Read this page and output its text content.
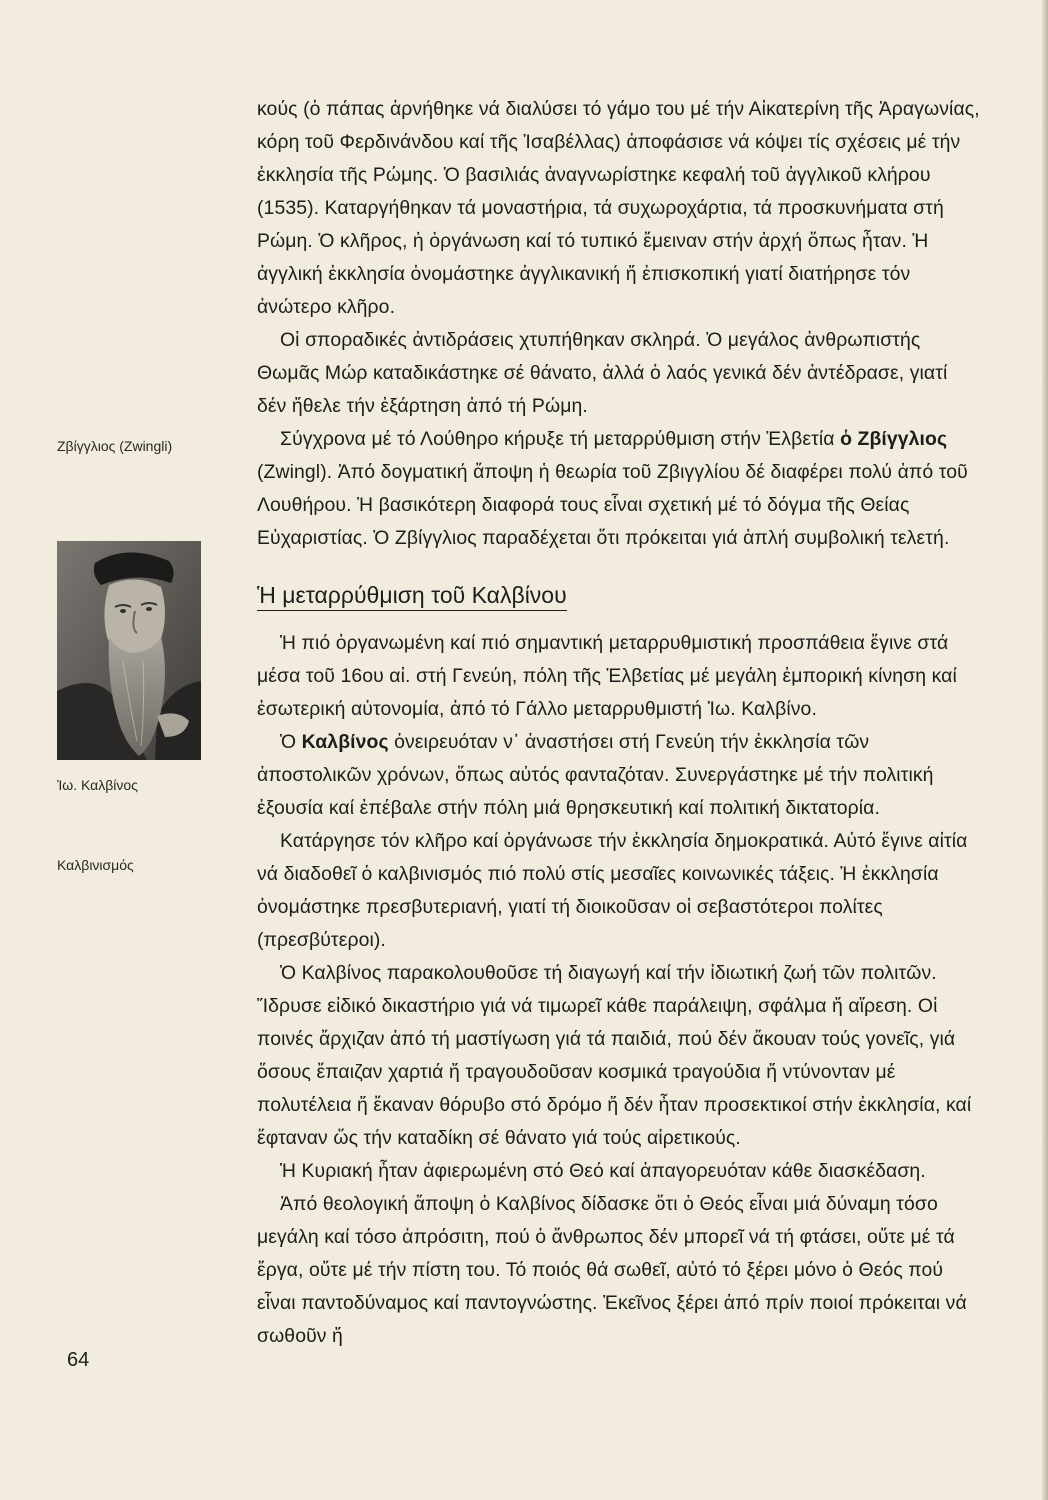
Ζβίγγλιος (Zwingli)
Ἰω. Καλβίνος
Καλβινισμός
64

κούς (ὁ πάπας ἀρνήθηκε νά διαλύσει τό γάμο του μέ τήν Αἰκατερίνη τῆς Ἀραγωνίας, κόρη τοῦ Φερδινάνδου καί τῆς Ἰσαβέλλας) ἀποφάσισε νά κόψει τίς σχέσεις μέ τήν ἐκκλησία τῆς Ρώμης. Ὁ βασιλιάς ἀναγνωρίστηκε κεφαλή τοῦ ἀγγλικοῦ κλήρου (1535). Καταργήθηκαν τά μοναστήρια, τά συχωροχάρτια, τά προσκυνήματα στή Ρώμη. Ὁ κλῆρος, ἡ ὀργάνωση καί τό τυπικό ἔμειναν στήν ἀρχή ὅπως ἦταν. Ἡ ἀγγλική ἐκκλησία ὀνομάστηκε ἀγγλικανική ἤ ἐπισκοπική γιατί διατήρησε τόν ἀνώτερο κλῆρο.

Οἱ σποραδικές ἀντιδράσεις χτυπήθηκαν σκληρά. Ὁ μεγάλος ἀνθρωπιστής Θωμᾶς Μώρ καταδικάστηκε σέ θάνατο, ἀλλά ὁ λαός γενικά δέν ἀντέδρασε, γιατί δέν ἤθελε τήν ἐξάρτηση ἀπό τή Ρώμη.

Σύγχρονα μέ τό Λούθηρο κήρυξε τή μεταρρύθμιση στήν Ἑλβετία ὁ Ζβίγγλιος (Zwingl). Ἀπό δογματική ἄποψη ἡ θεωρία τοῦ Ζβιγγλίου δέ διαφέρει πολύ ἀπό τοῦ Λουθήρου. Ἡ βασικότερη διαφορά τους εἶναι σχετική μέ τό δόγμα τῆς Θείας Εὐχαριστίας. Ὁ Ζβίγγλιος παραδέχεται ὅτι πρόκειται γιά ἁπλή συμβολική τελετή.

Ἡ μεταρρύθμιση τοῦ Καλβίνου

Ἡ πιό ὀργανωμένη καί πιό σημαντική μεταρρυθμιστική προσπάθεια ἔγινε στά μέσα τοῦ 16ου αἰ. στή Γενεύη, πόλη τῆς Ἑλβετίας μέ μεγάλη ἐμπορική κίνηση καί ἐσωτερική αὐτονομία, ἀπό τό Γάλλο μεταρρυθμιστή Ἰω. Καλβίνο.

Ὁ Καλβίνος ὀνειρευόταν ν᾽ ἀναστήσει στή Γενεύη τήν ἐκκλησία τῶν ἀποστολικῶν χρόνων, ὅπως αὐτός φανταζόταν. Συνεργάστηκε μέ τήν πολιτική ἐξουσία καί ἐπέβαλε στήν πόλη μιά θρησκευτική καί πολιτική δικτατορία.

Κατάργησε τόν κλῆρο καί ὀργάνωσε τήν ἐκκλησία δημοκρατικά. Αὐτό ἔγινε αἰτία νά διαδοθεῖ ὁ καλβινισμός πιό πολύ στίς μεσαῖες κοινωνικές τάξεις. Ἡ ἐκκλησία ὀνομάστηκε πρεσβυτεριανή, γιατί τή διοικοῦσαν οἱ σεβαστότεροι πολίτες (πρεσβύτεροι).

Ὁ Καλβίνος παρακολουθοῦσε τή διαγωγή καί τήν ἰδιωτική ζωή τῶν πολιτῶν. Ἵδρυσε εἰδικό δικαστήριο γιά νά τιμωρεῖ κάθε παράλειψη, σφάλμα ἤ αἵρεση. Οἱ ποινές ἄρχιζαν ἀπό τή μαστίγωση γιά τά παιδιά, πού δέν ἄκουαν τούς γονεῖς, γιά ὅσους ἔπαιζαν χαρτιά ἤ τραγουδοῦσαν κοσμικά τραγούδια ἤ ντύνονταν μέ πολυτέλεια ἤ ἔκαναν θόρυβο στό δρόμο ἤ δέν ἦταν προσεκτικοί στήν ἐκκλησία, καί ἔφταναν ὥς τήν καταδίκη σέ θάνατο γιά τούς αἱρετικούς.

Ἡ Κυριακή ἦταν ἀφιερωμένη στό Θεό καί ἀπαγορευόταν κάθε διασκέδαση.

Ἀπό θεολογική ἄποψη ὁ Καλβίνος δίδασκε ὅτι ὁ Θεός εἶναι μιά δύναμη τόσο μεγάλη καί τόσο ἀπρόσιτη, πού ὁ ἄνθρωπος δέν μπορεῖ νά τή φτάσει, οὔτε μέ τά ἔργα, οὔτε μέ τήν πίστη του. Τό ποιός θά σωθεῖ, αὐτό τό ξέρει μόνο ὁ Θεός πού εἶναι παντοδύναμος καί παντογνώστης. Ἐκεῖνος ξέρει ἀπό πρίν ποιοί πρόκειται νά σωθοῦν ἤ
